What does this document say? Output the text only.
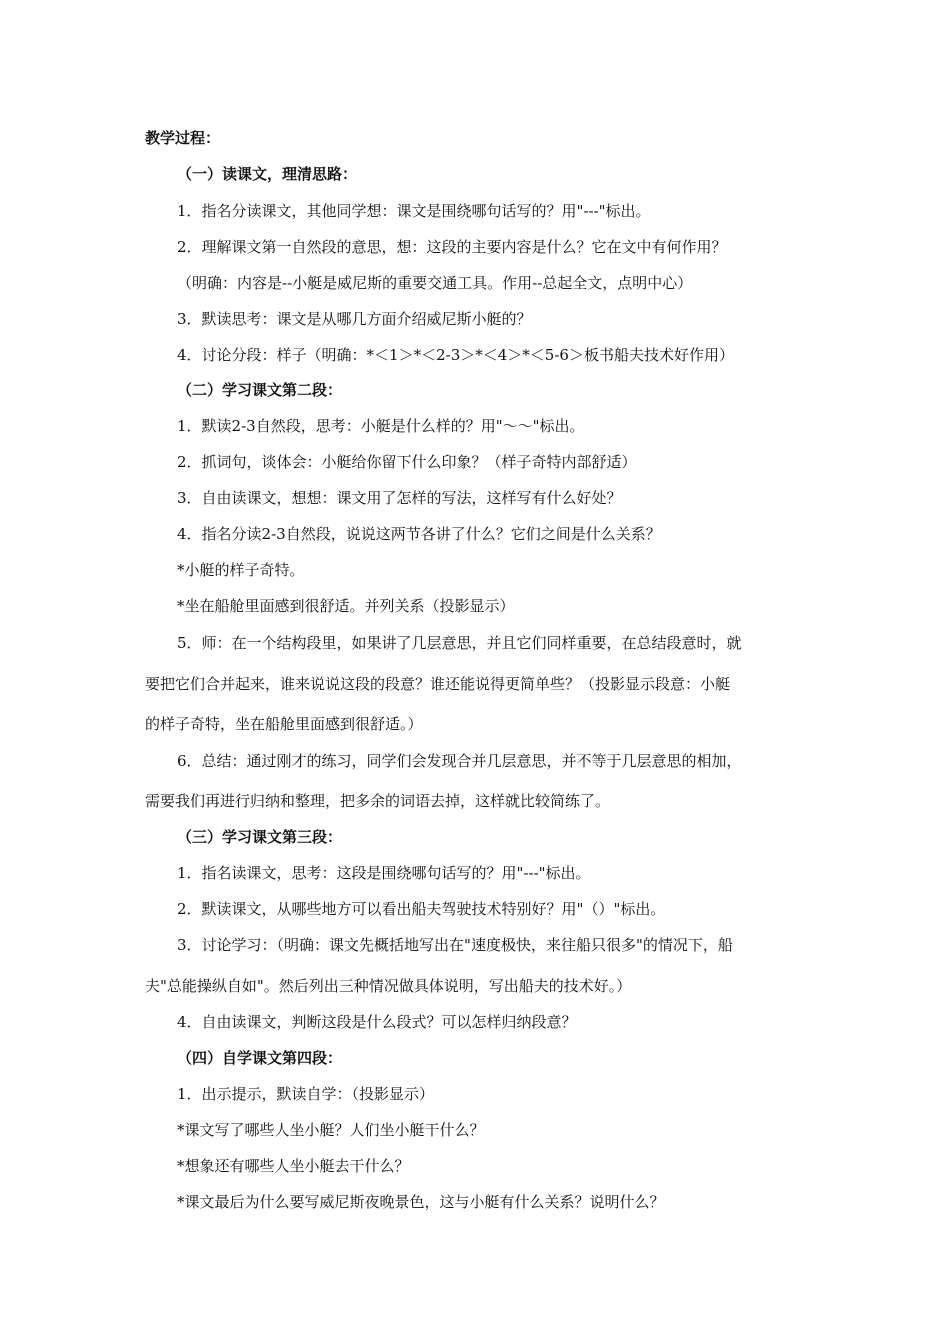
教学过程：
（一）读课文，理清思路：
1．指名分读课文，其他同学想：课文是围绕哪句话写的？用"---"标出。
2．理解课文第一自然段的意思，想：这段的主要内容是什么？它在文中有何作用？
（明确：内容是--小艇是威尼斯的重要交通工具。作用--总起全文，点明中心）
3．默读思考：课文是从哪几方面介绍威尼斯小艇的？
4．讨论分段：样子（明确：*＜1＞*＜2-3＞*＜4＞*＜5-6＞板书船夫技术好作用）
（二）学习课文第二段：
1．默读2-3自然段，思考：小艇是什么样的？用"～～"标出。
2．抓词句，谈体会：小艇给你留下什么印象？（样子奇特内部舒适）
3．自由读课文，想想：课文用了怎样的写法，这样写有什么好处？
4．指名分读2-3自然段，说说这两节各讲了什么？它们之间是什么关系？
*小艇的样子奇特。
*坐在船舱里面感到很舒适。并列关系（投影显示）
5．师：在一个结构段里，如果讲了几层意思，并且它们同样重要，在总结段意时，就
要把它们合并起来，谁来说说这段的段意？谁还能说得更简单些？（投影显示段意：小艇
的样子奇特，坐在船舱里面感到很舒适。）
6．总结：通过刚才的练习，同学们会发现合并几层意思，并不等于几层意思的相加，
需要我们再进行归纳和整理，把多余的词语去掉，这样就比较简练了。
（三）学习课文第三段：
1．指名读课文，思考：这段是围绕哪句话写的？用"---"标出。
2．默读课文，从哪些地方可以看出船夫驾驶技术特别好？用"（）"标出。
3．讨论学习：（明确：课文先概括地写出在"速度极快，来往船只很多"的情况下，船
夫"总能操纵自如"。然后列出三种情况做具体说明，写出船夫的技术好。）
4．自由读课文，判断这段是什么段式？可以怎样归纳段意？
（四）自学课文第四段：
1．出示提示，默读自学：（投影显示）
*课文写了哪些人坐小艇？人们坐小艇干什么？
*想象还有哪些人坐小艇去干什么？
*课文最后为什么要写威尼斯夜晚景色，这与小艇有什么关系？说明什么？
